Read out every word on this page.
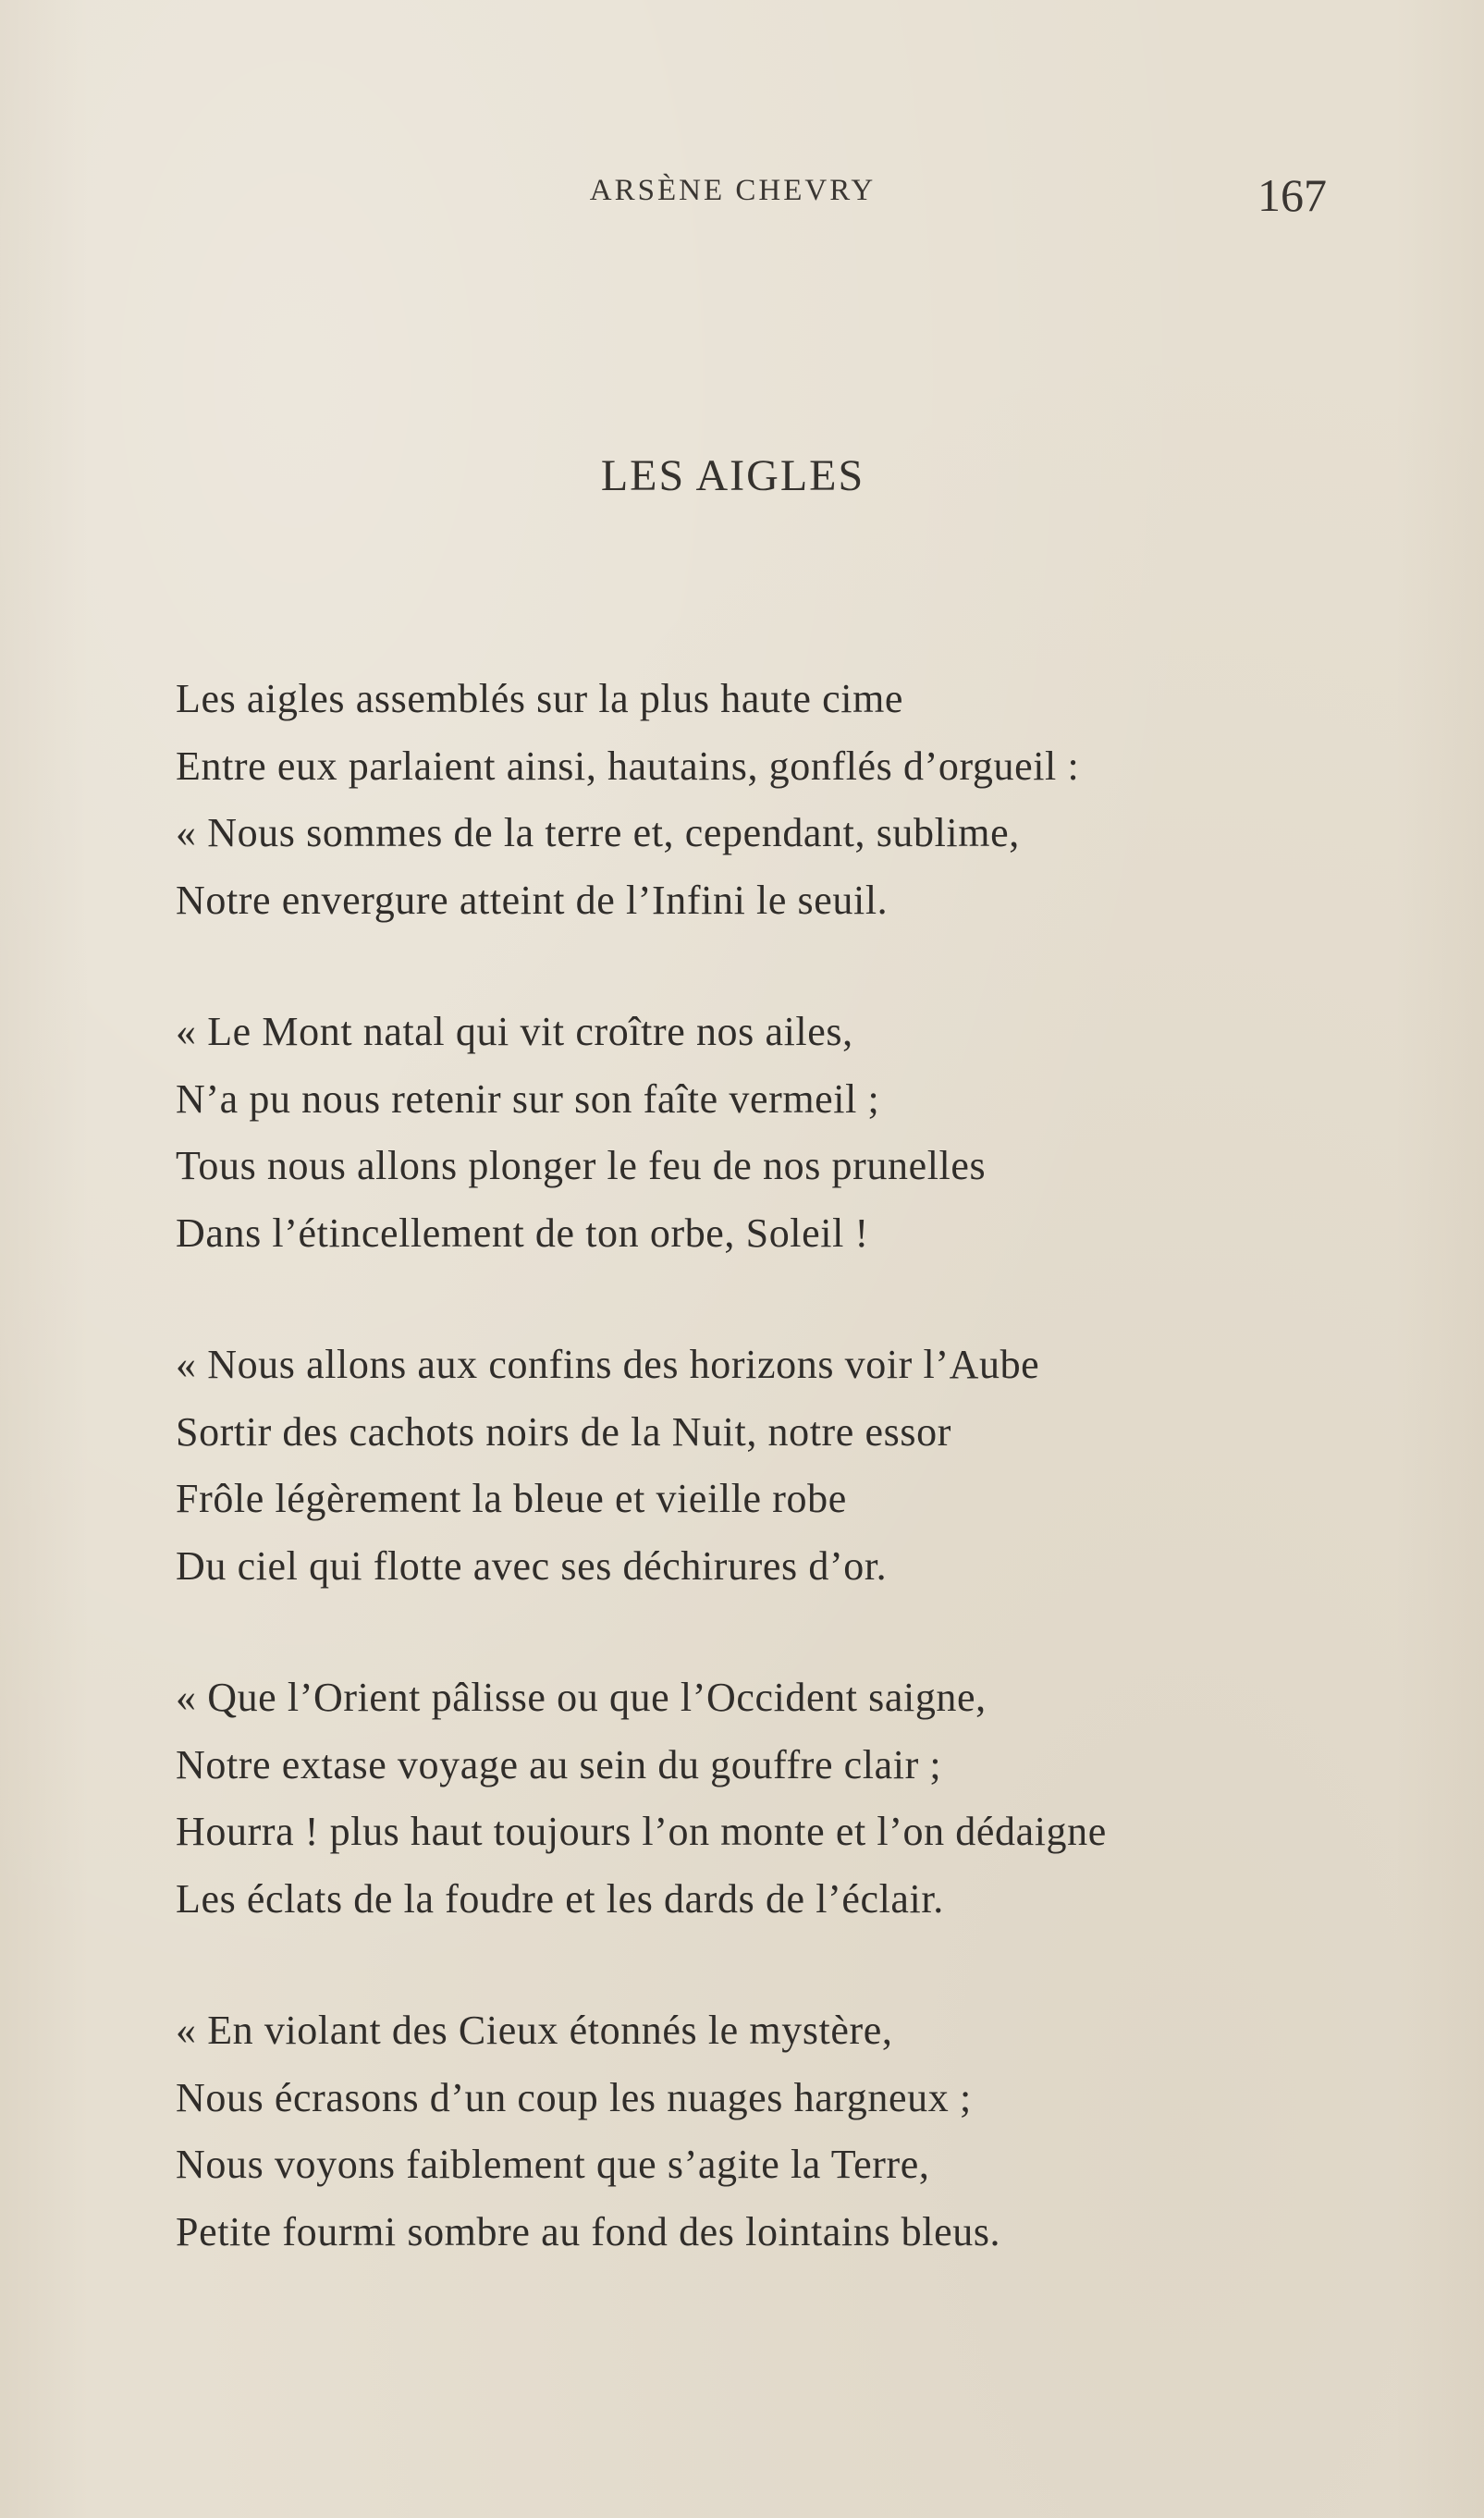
ARSÈNE CHEVRY	167
LES AIGLES
Les aigles assemblés sur la plus haute cime
Entre eux parlaient ainsi, hautains, gonflés d’orgueil :
« Nous sommes de la terre et, cependant, sublime,
Notre envergure atteint de l’Infini le seuil.
« Le Mont natal qui vit croître nos ailes,
N’a pu nous retenir sur son faîte vermeil ;
Tous nous allons plonger le feu de nos prunelles
Dans l’étincellement de ton orbe, Soleil !
« Nous allons aux confins des horizons voir l’Aube
Sortir des cachots noirs de la Nuit, notre essor
Frôle légèrement la bleue et vieille robe
Du ciel qui flotte avec ses déchirures d’or.
« Que l’Orient pâlisse ou que l’Occident saigne,
Notre extase voyage au sein du gouffre clair ;
Hourra ! plus haut toujours l’on monte et l’on dédaigne
Les éclats de la foudre et les dards de l’éclair.
« En violant des Cieux étonnés le mystère,
Nous écrasons d’un coup les nuages hargneux ;
Nous voyons faiblement que s’agite la Terre,
Petite fourmi sombre au fond des lointains bleus.
